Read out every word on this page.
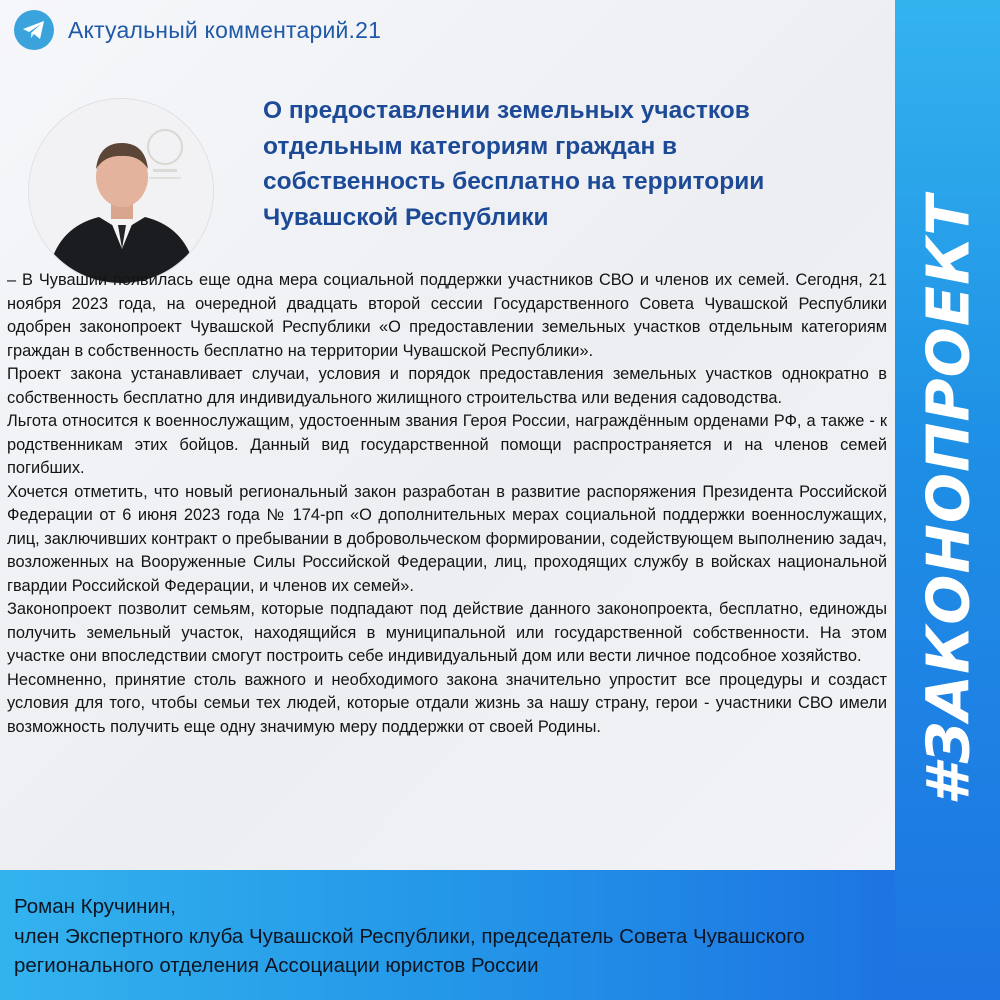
Актуальный комментарий.21
О предоставлении земельных участков отдельным категориям граждан в собственность бесплатно на территории Чувашской Республики

– В Чувашии появилась еще одна мера социальной поддержки участников СВО и членов их семей. Сегодня, 21 ноября 2023 года, на очередной двадцать второй сессии Государственного Совета Чувашской Республики одобрен законопроект Чувашской Республики «О предоставлении земельных участков отдельным категориям граждан в собственность бесплатно на территории Чувашской Республики».

Проект закона устанавливает случаи, условия и порядок предоставления земельных участков однократно в собственность бесплатно для индивидуального жилищного строительства или ведения садоводства.

Льгота относится к военнослужащим, удостоенным звания Героя России, награждённым орденами РФ, а также - к родственникам этих бойцов. Данный вид государственной помощи распространяется и на членов семей погибших.

Хочется отметить, что новый региональный закон разработан в развитие распоряжения Президента Российской Федерации от 6 июня 2023 года № 174-рп «О дополнительных мерах социальной поддержки военнослужащих, лиц, заключивших контракт о пребывании в добровольческом формировании, содействующем выполнению задач, возложенных на Вооруженные Силы Российской Федерации, лиц, проходящих службу в войсках национальной гвардии Российской Федерации, и членов их семей».

Законопроект позволит семьям, которые подпадают под действие данного законопроекта, бесплатно, единожды получить земельный участок, находящийся в муниципальной или государственной собственности. На этом участке они впоследствии смогут построить себе индивидуальный дом или вести личное подсобное хозяйство.

Несомненно, принятие столь важного и необходимого закона значительно упростит все процедуры и создаст условия для того, чтобы семьи тех людей, которые отдали жизнь за нашу страну, герои - участники СВО имели возможность получить еще одну значимую меру поддержки от своей Родины.	#ЗАКОНОПРОЕКТ
Роман Кручинин,
член Экспертного клуба Чувашской Республики, председатель Совета Чувашского
регионального отделения Ассоциации юристов России
